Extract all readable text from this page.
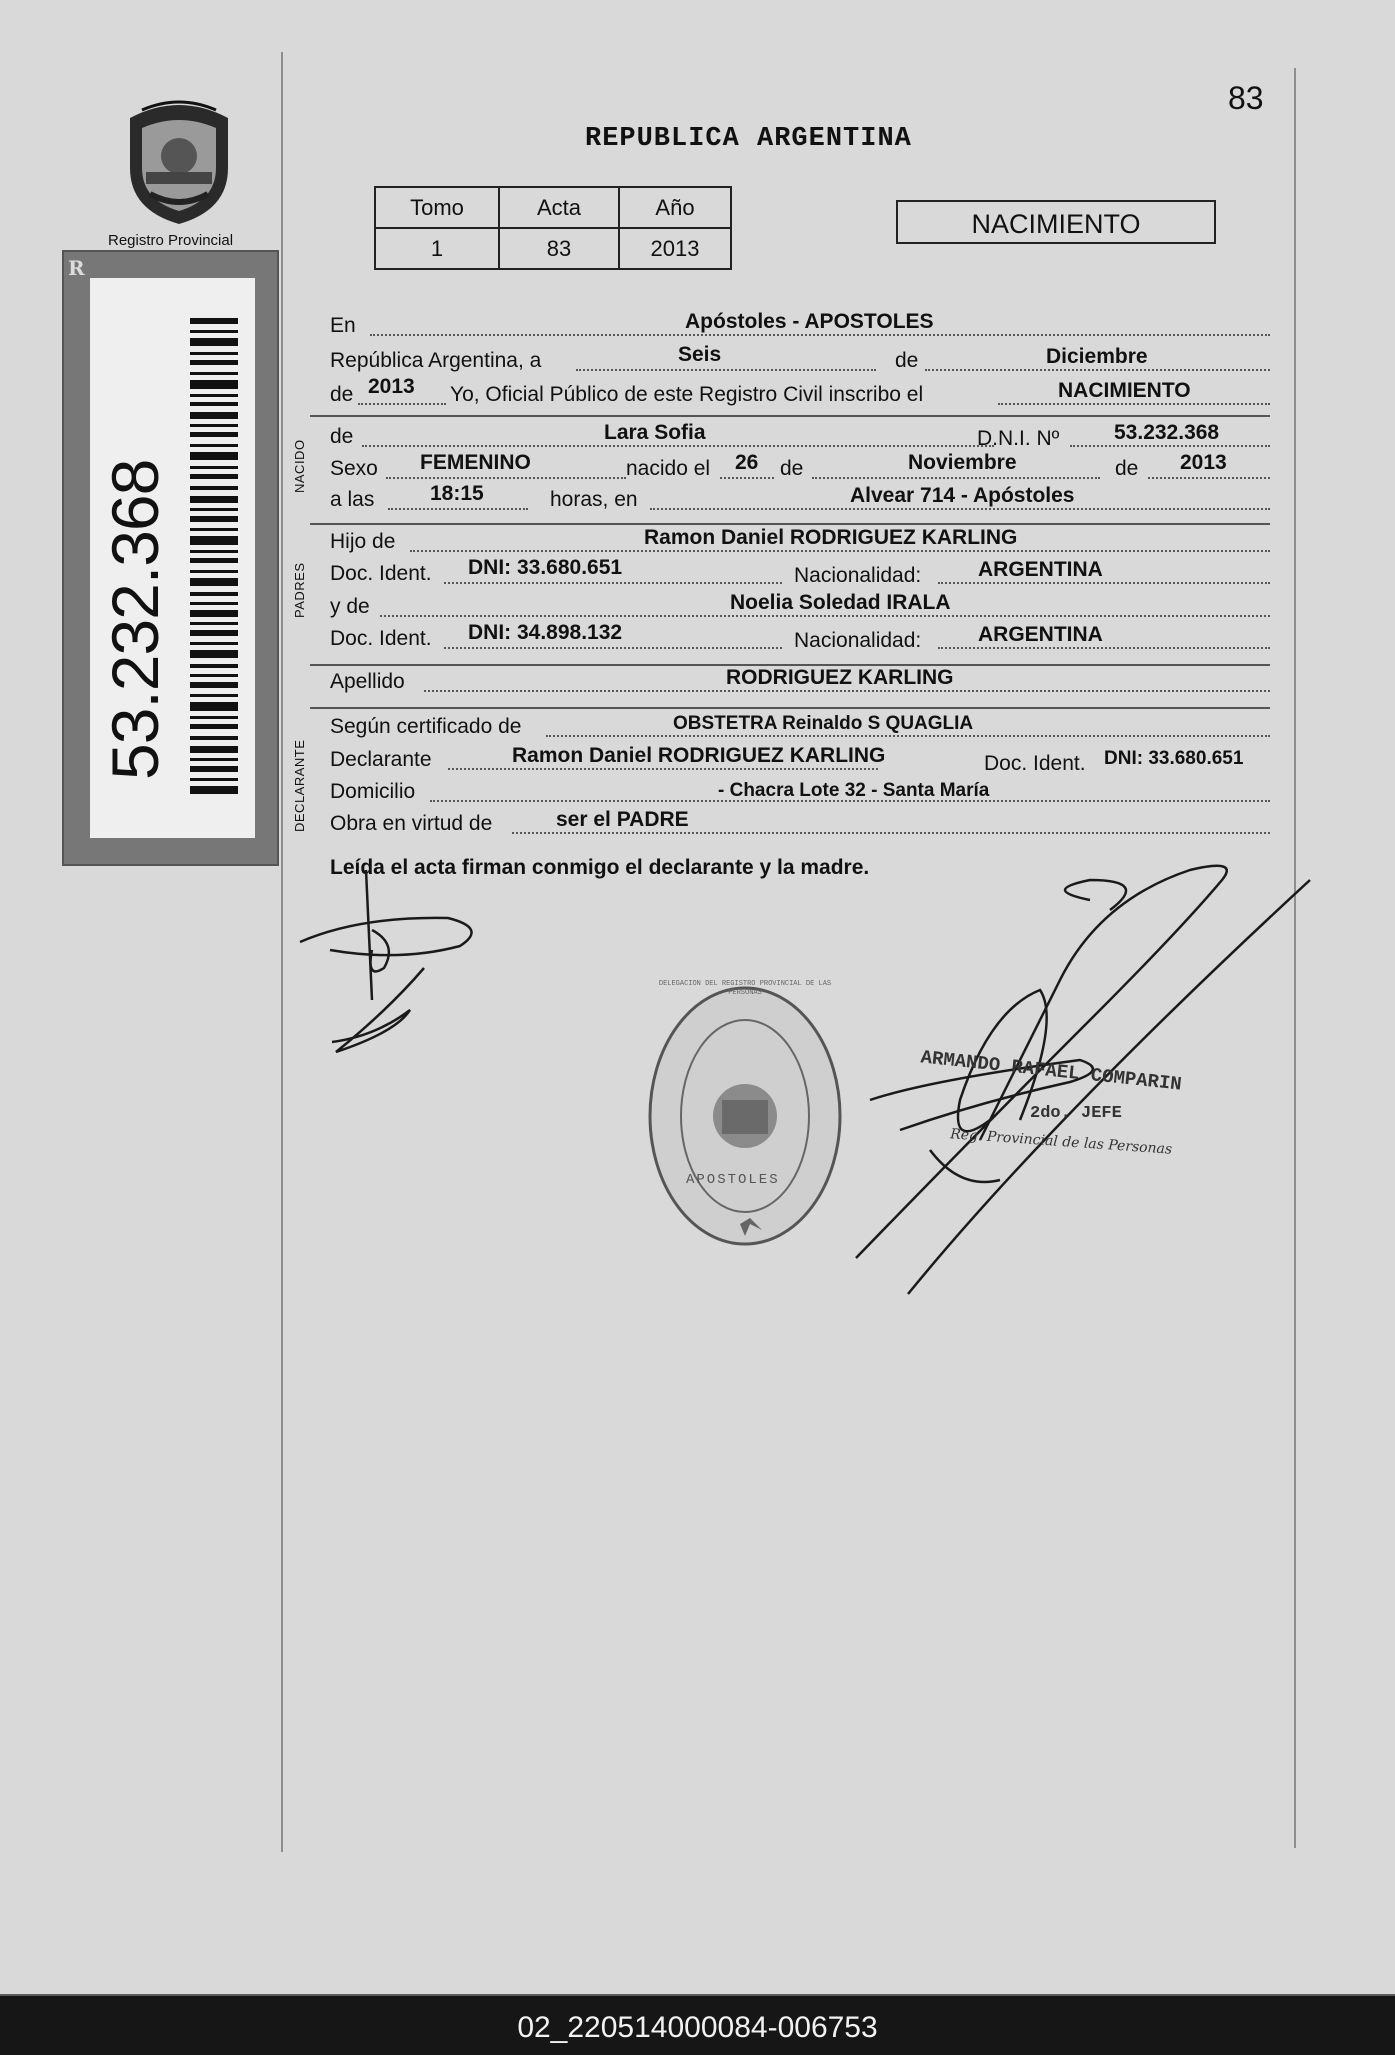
Registro Provincial
R
53.232.368
83
REPUBLICA ARGENTINA
Tomo	Acta	Año
1	83	2013
NACIMIENTO
NACIDO
PADRES
DECLARANTE
En	Apóstoles - APOSTOLES
República Argentina, a	Seis	de	Diciembre
de 2013 Yo, Oficial Público de este Registro Civil inscribo el	NACIMIENTO
de	Lara Sofia	D.N.I. Nº	53.232.368
Sexo FEMENINO	nacido el 26 de	Noviembre	de 2013
a las	18:15	horas, en	Alvear 714 - Apóstoles
Hijo de	Ramon Daniel RODRIGUEZ KARLING
Doc. Ident. DNI: 33.680.651	Nacionalidad:	ARGENTINA
y de	Noelia Soledad IRALA
Doc. Ident. DNI: 34.898.132	Nacionalidad:	ARGENTINA
Apellido	RODRIGUEZ KARLING
Según certificado de	OBSTETRA Reinaldo S QUAGLIA
Declarante	Ramon Daniel RODRIGUEZ KARLING	Doc. Ident. DNI: 33.680.651
Domicilio	- Chacra Lote 32 - Santa María
Obra en virtud de	ser el PADRE
Leída el acta firman conmigo el declarante y la madre.
ARMANDO RAFAEL COMPARIN
2do. JEFE
Reg. Provincial de las Personas
APOSTOLES
DELEGACION DEL REGISTRO PROVINCIAL DE LAS PERSONAS
02_220514000084-006753
